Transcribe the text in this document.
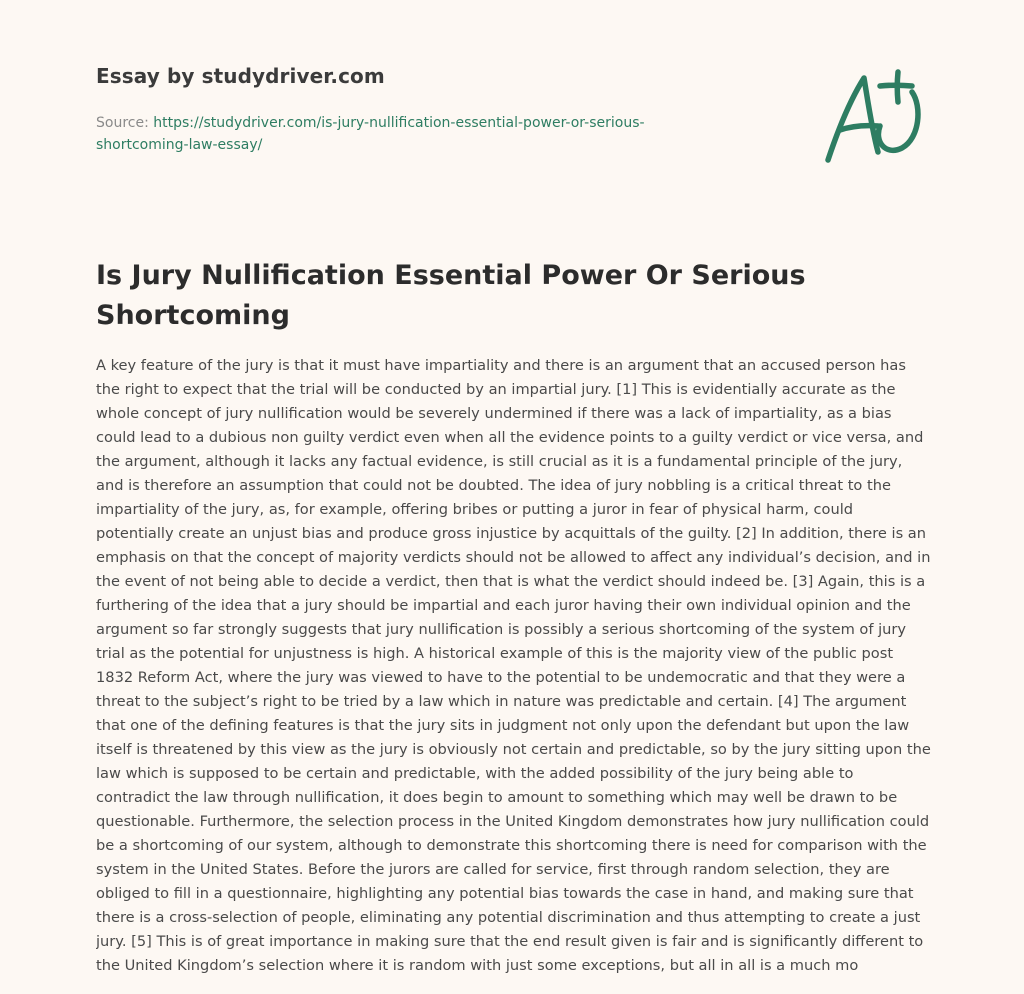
Essay by studydriver.com
Source: https://studydriver.com/is-jury-nullification-essential-power-or-serious-shortcoming-law-essay/
Is Jury Nullification Essential Power Or Serious Shortcoming

A key feature of the jury is that it must have impartiality and there is an argument that an accused person has the right to expect that the trial will be conducted by an impartial jury. [1] This is evidentially accurate as the whole concept of jury nullification would be severely undermined if there was a lack of impartiality, as a bias could lead to a dubious non guilty verdict even when all the evidence points to a guilty verdict or vice versa, and the argument, although it lacks any factual evidence, is still crucial as it is a fundamental principle of the jury, and is therefore an assumption that could not be doubted. The idea of jury nobbling is a critical threat to the impartiality of the jury, as, for example, offering bribes or putting a juror in fear of physical harm, could potentially create an unjust bias and produce gross injustice by acquittals of the guilty. [2] In addition, there is an emphasis on that the concept of majority verdicts should not be allowed to affect any individual’s decision, and in the event of not being able to decide a verdict, then that is what the verdict should indeed be. [3] Again, this is a furthering of the idea that a jury should be impartial and each juror having their own individual opinion and the argument so far strongly suggests that jury nullification is possibly a serious shortcoming of the system of jury trial as the potential for unjustness is high. A historical example of this is the majority view of the public post 1832 Reform Act, where the jury was viewed to have to the potential to be undemocratic and that they were a threat to the subject’s right to be tried by a law which in nature was predictable and certain. [4] The argument that one of the defining features is that the jury sits in judgment not only upon the defendant but upon the law itself is threatened by this view as the jury is obviously not certain and predictable, so by the jury sitting upon the law which is supposed to be certain and predictable, with the added possibility of the jury being able to contradict the law through nullification, it does begin to amount to something which may well be drawn to be questionable. Furthermore, the selection process in the United Kingdom demonstrates how jury nullification could be a shortcoming of our system, although to demonstrate this shortcoming there is need for comparison with the system in the United States. Before the jurors are called for service, first through random selection, they are obliged to fill in a questionnaire, highlighting any potential bias towards the case in hand, and making sure that there is a cross-selection of people, eliminating any potential discrimination and thus attempting to create a just jury. [5] This is of great importance in making sure that the end result given is fair and is significantly different to the United Kingdom’s selection where it is random with just some exceptions, but all in all is a much mo
